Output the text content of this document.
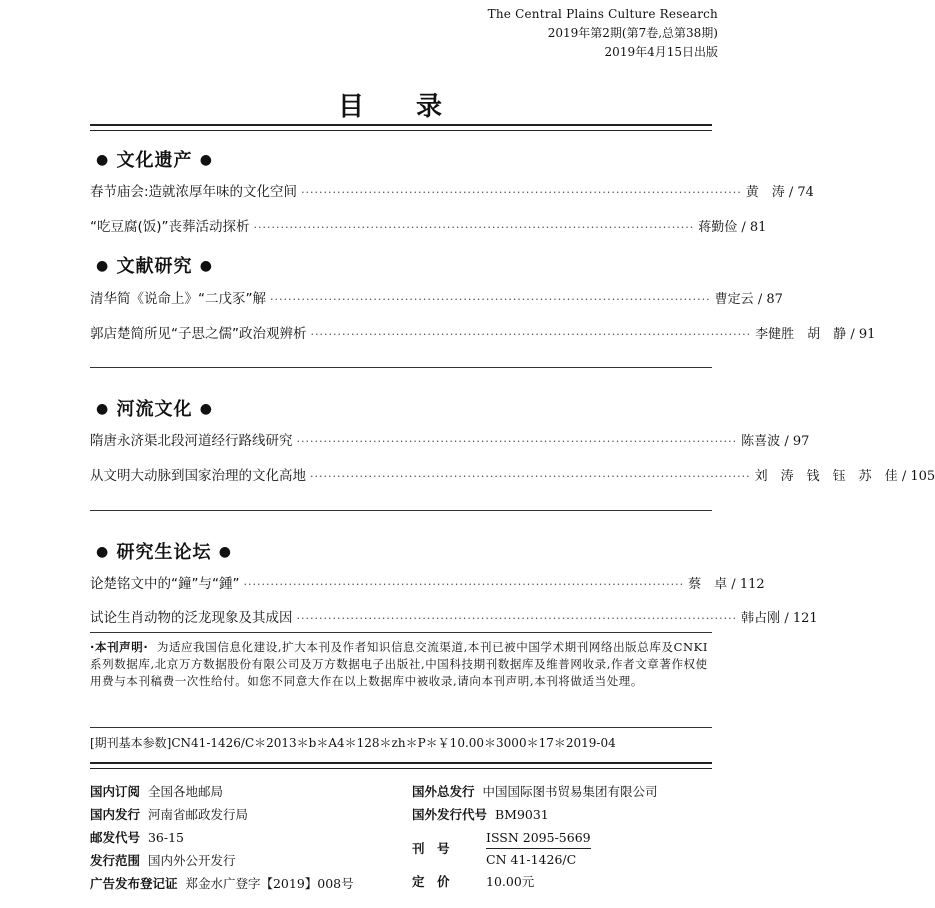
The Central Plains Culture Research
2019年第2期(第7卷,总第38期)
2019年4月15日出版
目录
● 文化遗产 ●
春节庙会:造就浓厚年味的文化空间 ·································································································· 黄　涛 / 74
“吃豆腐(饭)”丧葬活动探析 ·································································································· 蒋勤俭 / 81
● 文献研究 ●
清华简《说命上》“二戊豕”解 ·································································································· 曹定云 / 87
郭店楚简所见“子思之儒”政治观辨析 ·································································································· 李健胜　胡　静 / 91
● 河流文化 ●
隋唐永济渠北段河道经行路线研究 ·································································································· 陈喜波 / 97
从文明大动脉到国家治理的文化高地 ·································································································· 刘　涛　钱　钰　苏　佳 / 105
● 研究生论坛 ●
论楚铭文中的“鐘”与“鍾” ·································································································· 蔡　卓 / 112
试论生肖动物的泛龙现象及其成因 ·································································································· 韩占刚 / 121
·本刊声明· 为适应我国信息化建设,扩大本刊及作者知识信息交流渠道,本刊已被中国学术期刊网络出版总库及CNKI系列数据库,北京万方数据股份有限公司及万方数据电子出版社,中国科技期刊数据库及维普网收录,作者文章著作权使用费与本刊稿费一次性给付。如您不同意大作在以上数据库中被收录,请向本刊声明,本刊将做适当处理。
[期刊基本参数]CN41-1426/C＊2013＊b＊A4＊128＊zh＊P＊￥10.00＊3000＊17＊2019-04
国内订阅 全国各地邮局
国内发行 河南省邮政发行局
邮发代号 36-15
发行范围 国内外公开发行
广告发布登记证 郑金水广登字【2019】008号
国外总发行 中国国际图书贸易集团有限公司
国外发行代号 BM9031
刊　号
ISSN 2095-5669
CN 41-1426/C
定　价	10.00元
